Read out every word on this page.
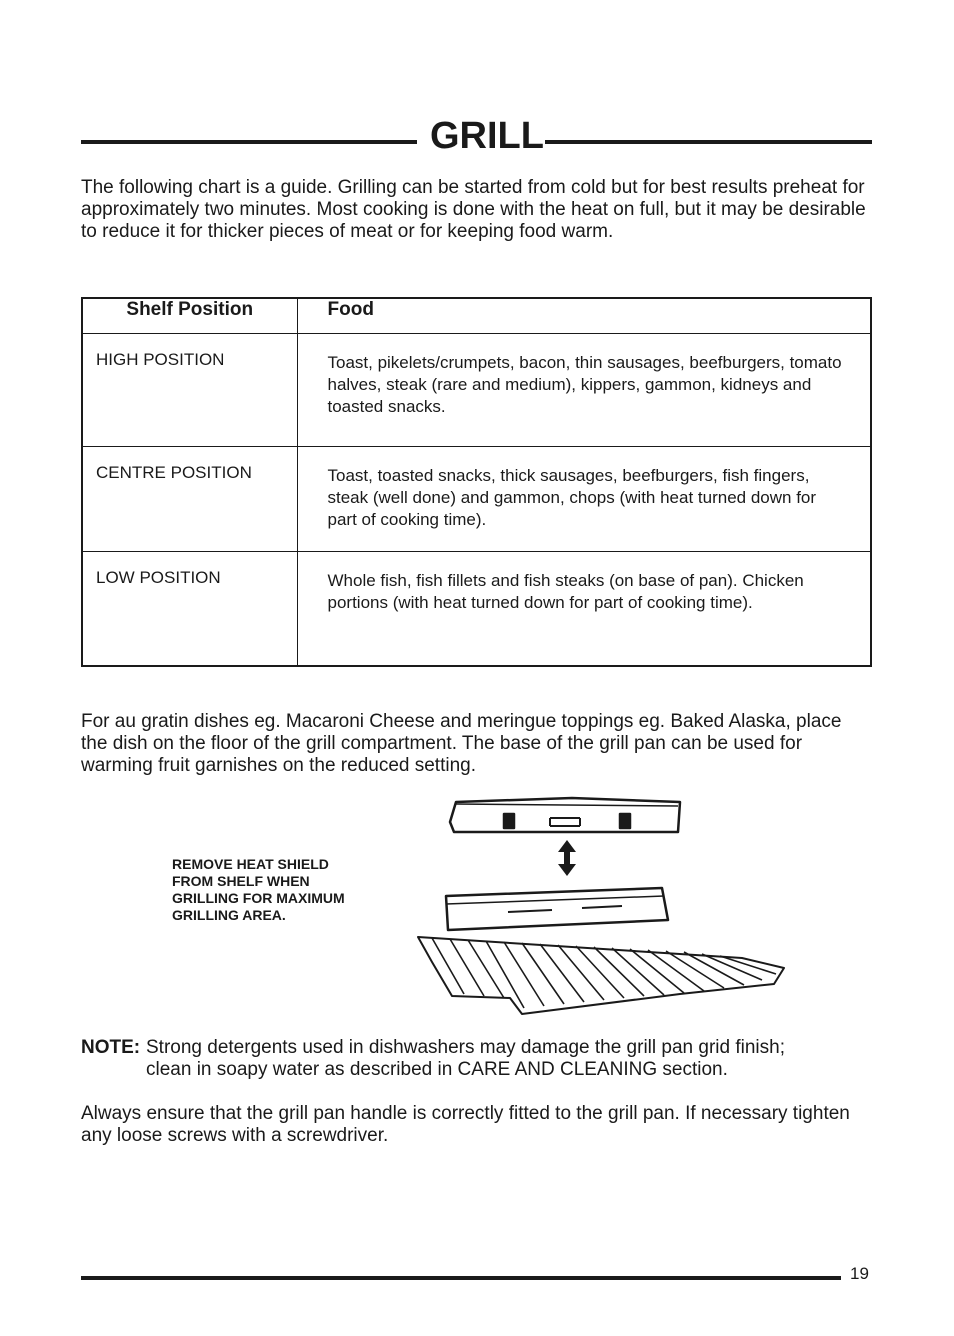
GRILL

The following chart is a guide. Grilling can be started from cold but for best results preheat for approximately two minutes. Most cooking is done with the heat on full, but it may be desirable to reduce it for thicker pieces of meat or for keeping food warm.

Shelf Position	Food
HIGH POSITION	Toast, pikelets/crumpets, bacon, thin sausages, beefburgers, tomato halves, steak (rare and medium), kippers, gammon, kidneys and toasted snacks.
CENTRE POSITION	Toast, toasted snacks, thick sausages, beefburgers, fish fingers, steak (well done) and gammon, chops (with heat turned down for part of cooking time).
LOW POSITION	Whole fish, fish fillets and fish steaks (on base of pan). Chicken portions (with heat turned down for part of cooking time).

For au gratin dishes eg. Macaroni Cheese and meringue toppings eg. Baked Alaska, place the dish on the floor of the grill compartment. The base of the grill pan can be used for warming fruit garnishes on the reduced setting.

REMOVE HEAT SHIELD
FROM SHELF WHEN
GRILLING FOR MAXIMUM
GRILLING AREA.

NOTE: Strong detergents used in dishwashers may damage the grill pan grid finish;
clean in soapy water as described in CARE AND CLEANING section.

Always ensure that the grill pan handle is correctly fitted to the grill pan. If necessary tighten any loose screws with a screwdriver.

19
